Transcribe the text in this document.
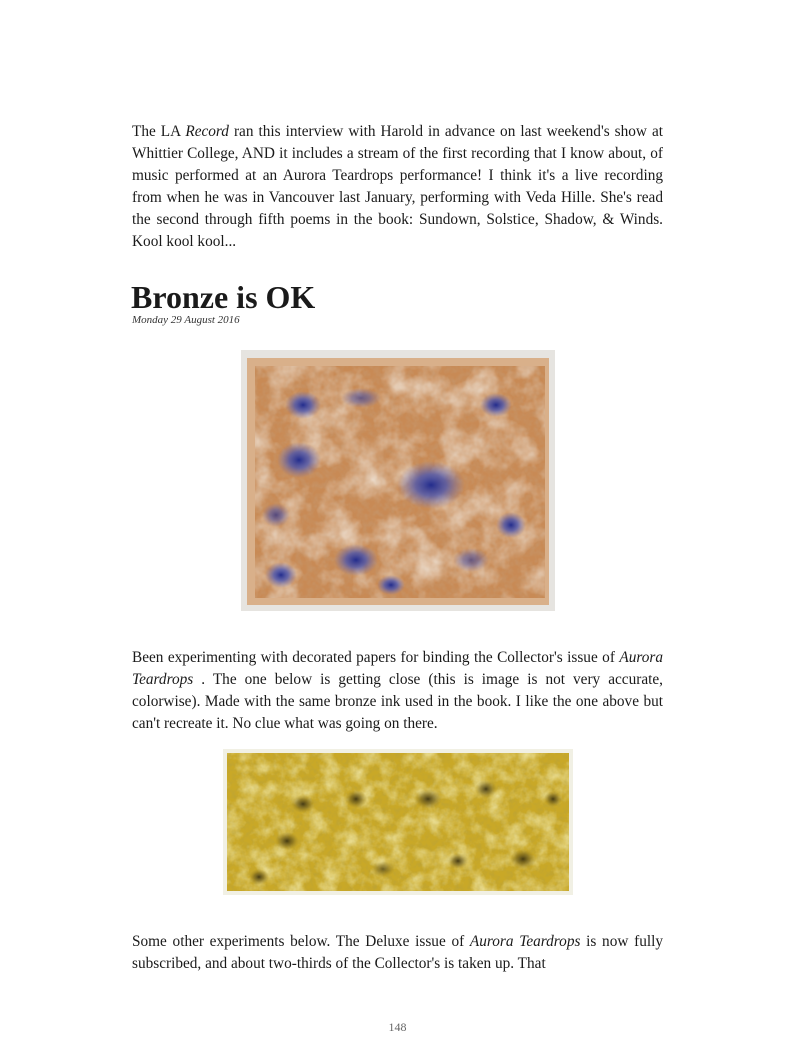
The LA Record ran this interview with Harold in advance on last weekend's show at Whittier College, AND it includes a stream of the first recording that I know about, of music performed at an Aurora Teardrops performance! I think it's a live recording from when he was in Vancouver last January, performing with Veda Hille. She's read the second through fifth poems in the book: Sundown, Solstice, Shadow, & Winds. Kool kool kool...

Bronze is OK
Monday 29 August 2016

Been experimenting with decorated papers for binding the Collector's issue of Aurora Teardrops . The one below is getting close (this is image is not very accurate, colorwise). Made with the same bronze ink used in the book. I like the one above but can't recreate it. No clue what was going on there.

Some other experiments below. The Deluxe issue of Aurora Teardrops is now fully subscribed, and about two-thirds of the Collector's is taken up. That

148
